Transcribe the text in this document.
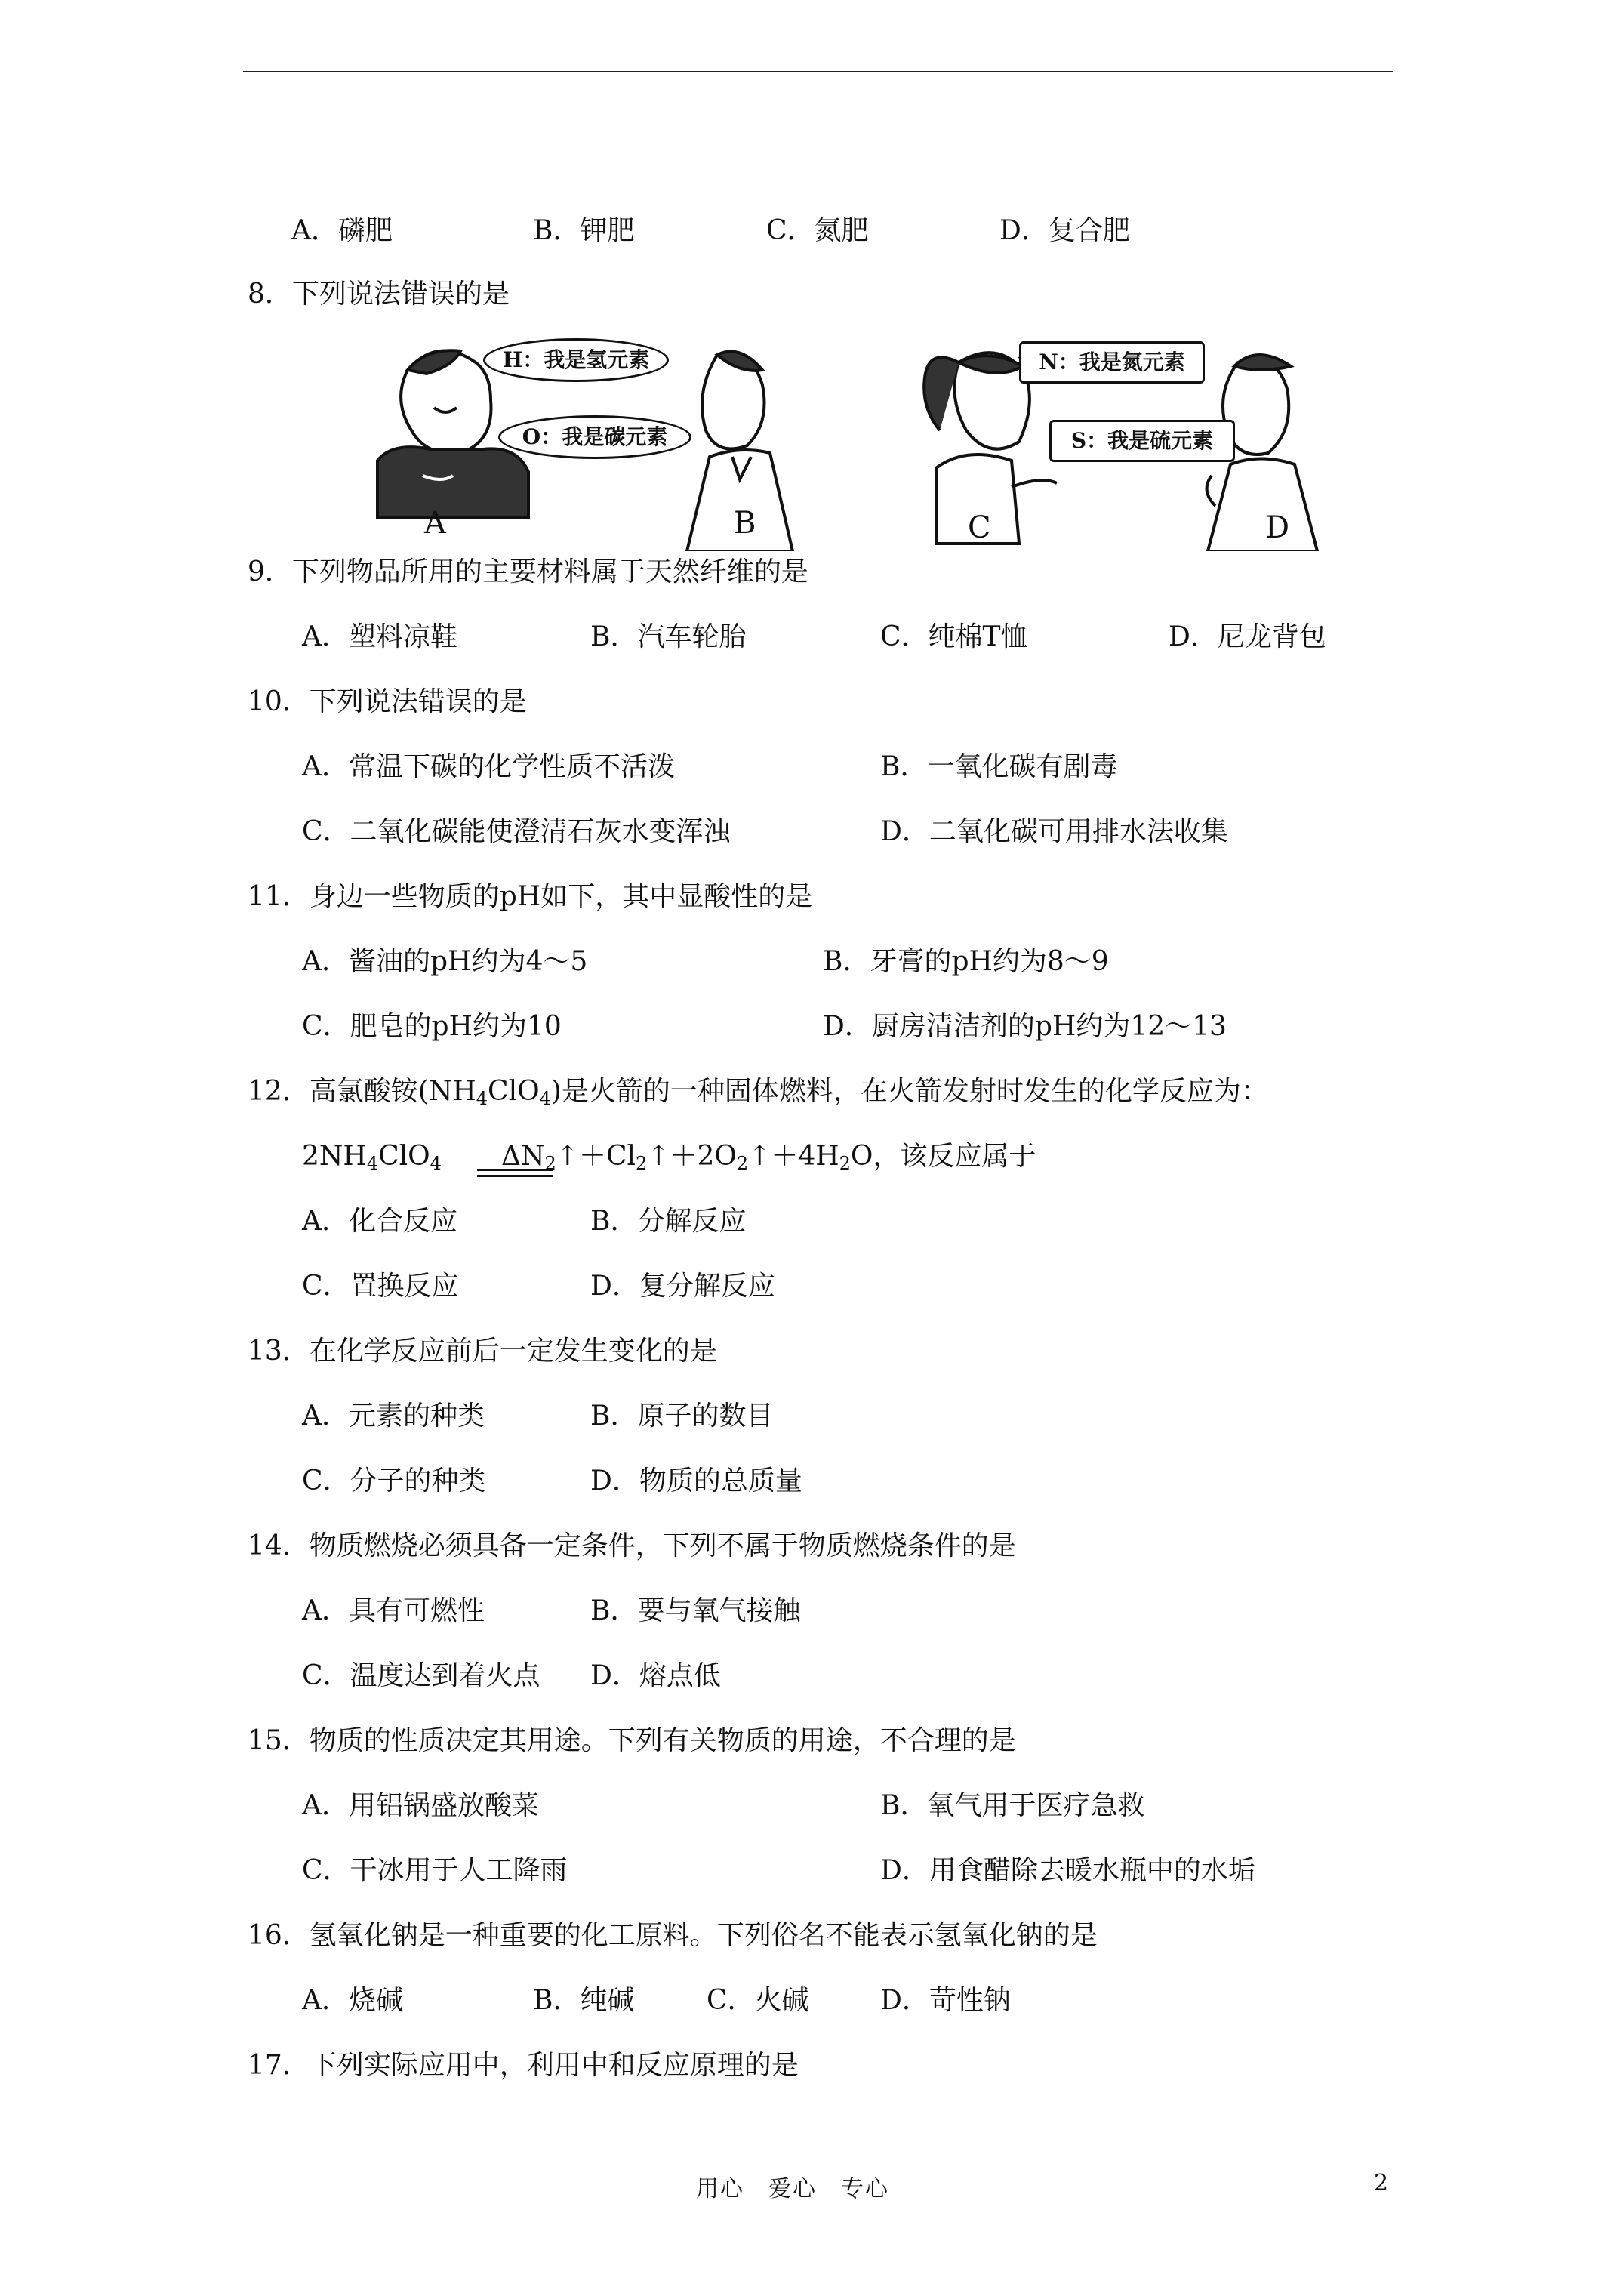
A．磷肥	B．钾肥	C．氮肥	D．复合肥
8．下列说法错误的是
H：我是氢元素
O：我是碳元素
N：我是氮元素
S：我是硫元素
A	B	C	D
9．下列物品所用的主要材料属于天然纤维的是
A．塑料凉鞋	B．汽车轮胎	C．纯棉T恤	D．尼龙背包
10．下列说法错误的是
A．常温下碳的化学性质不活泼	B．一氧化碳有剧毒
C．二氧化碳能使澄清石灰水变浑浊	D．二氧化碳可用排水法收集
11．身边一些物质的pH如下，其中显酸性的是
A．酱油的pH约为4～5	B．牙膏的pH约为8～9
C．肥皂的pH约为10	D．厨房清洁剂的pH约为12～13
12．高氯酸铵$(NH_4ClO_4)$是火箭的一种固体燃料，在火箭发射时发生的化学反应为：
$2NH_4ClO_4$ $\Delta N_2↑+Cl_2↑+2O_2↑+4H_2O$，该反应属于
A．化合反应	B．分解反应
C．置换反应	D．复分解反应
13．在化学反应前后一定发生变化的是
A．元素的种类	B．原子的数目
C．分子的种类	D．物质的总质量
14．物质燃烧必须具备一定条件，下列不属于物质燃烧条件的是
A．具有可燃性	B．要与氧气接触
C．温度达到着火点 D．熔点低
15．物质的性质决定其用途。下列有关物质的用途，不合理的是
A．用铝锅盛放酸菜	B．氧气用于医疗急救
C．干冰用于人工降雨	D．用食醋除去暖水瓶中的水垢
16．氢氧化钠是一种重要的化工原料。下列俗名不能表示氢氧化钠的是
A．烧碱	B．纯碱	C．火碱	D．苛性钠
17．下列实际应用中，利用中和反应原理的是
用心　爱心　专心	2
